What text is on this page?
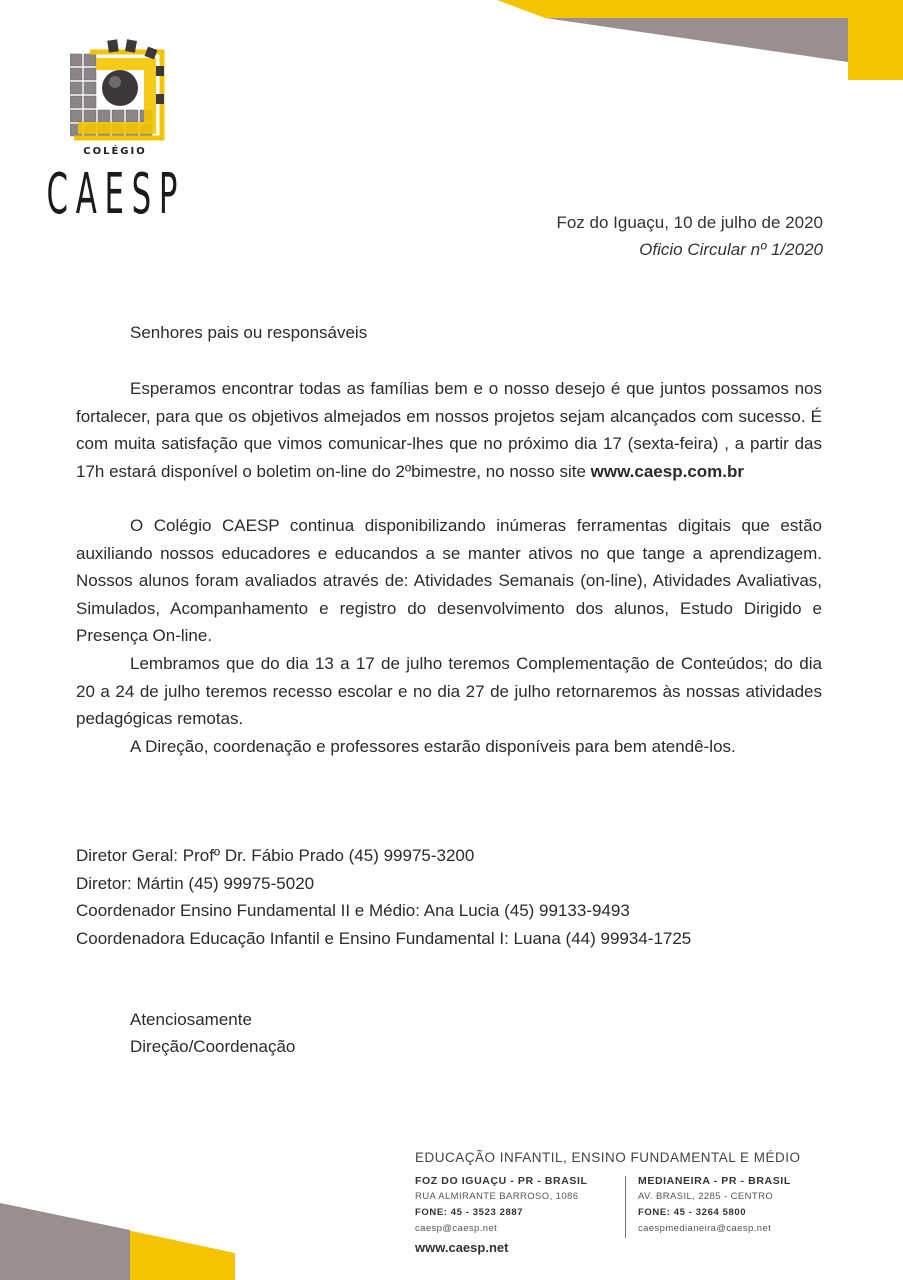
COLÉGIO
CAESP	Foz do Iguaçu, 10 de julho de 2020
Oficio Circular nº 1/2020
Senhores pais ou responsáveis

Esperamos encontrar todas as famílias bem e o nosso desejo é que juntos possamos nos fortalecer, para que os objetivos almejados em nossos projetos sejam alcançados com sucesso. É com muita satisfação que vimos comunicar-lhes que no próximo dia 17 (sexta-feira) , a partir das 17h estará disponível o boletim on-line do 2ºbimestre, no nosso site www.caesp.com.br

O Colégio CAESP continua disponibilizando inúmeras ferramentas digitais que estão auxiliando nossos educadores e educandos a se manter ativos no que tange a aprendizagem. Nossos alunos foram avaliados através de: Atividades Semanais (on-line), Atividades Avaliativas, Simulados, Acompanhamento e registro do desenvolvimento dos alunos, Estudo Dirigido e Presença On-line.

Lembramos que do dia 13 a 17 de julho teremos Complementação de Conteúdos; do dia 20 a 24 de julho teremos recesso escolar e no dia 27 de julho retornaremos às nossas atividades pedagógicas remotas.

A Direção, coordenação e professores estarão disponíveis para bem atendê-los.

Diretor Geral: Profº Dr. Fábio Prado (45) 99975-3200
Diretor: Mártin (45) 99975-5020
Coordenador Ensino Fundamental II e Médio: Ana Lucia (45) 99133-9493
Coordenadora Educação Infantil e Ensino Fundamental I: Luana (44) 99934-1725
Atenciosamente
Direção/Coordenação
EDUCAÇÃO INFANTIL, ENSINO FUNDAMENTAL E MÉDIO
FOZ DO IGUAÇU - PR - BRASIL
RUA ALMIRANTE BARROSO, 1086
FONE: 45 - 3523 2887
caesp@caesp.net
MEDIANEIRA - PR - BRASIL
AV. BRASIL, 2285 - CENTRO
FONE: 45 - 3264 5800
caespmedianeira@caesp.net
www.caesp.net
